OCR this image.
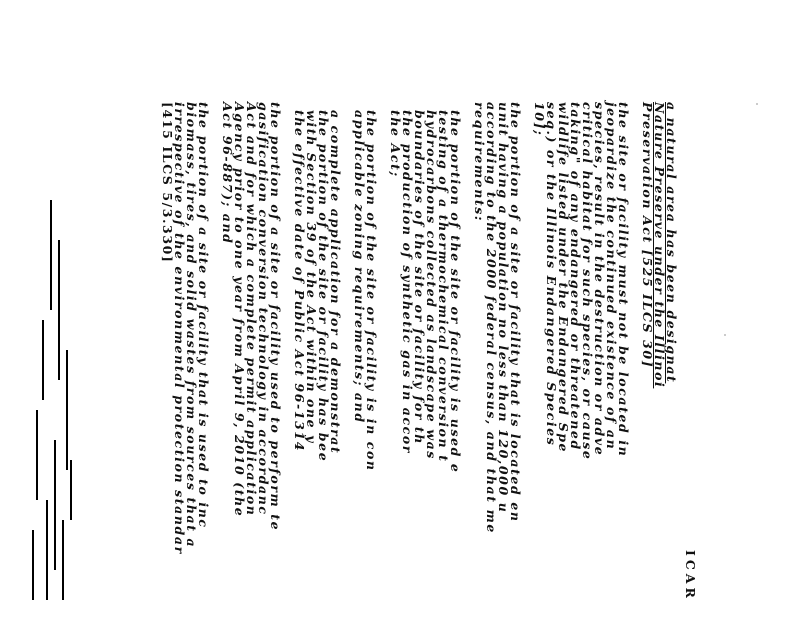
ICAR
a natural area has been designat
Nature Preserve under the Illinoi
Preservation Act [525 ILCS 30]
the site or facility must not be located in
jeopardize the continued existence of an
species, result in the destruction or adve
critical habitat for such species, or cause
taking" of any endangered or threatened
wildlife listed under the Endangered Spe
seq.) or the Illinois Endangered Species
10];
the portion of a site or facility that is located en
unit having a population no less than 120,000 u
according to the 2000 federal census, and that me
requirements:
the portion of the site or facility is used e
testing of a thermochemical conversion t
hydrocarbons collected as landscape was
boundaries of the site or facility for th
the production of synthetic gas in accor
the Act;
the portion of the site or facility is in con
applicable zoning requirements; and
a complete application for a demonstrat
the portion of the site or facility has bee
with Section 39 of the Act within one y
the effective date of Public Act 96-1314
the portion of a site or facility used to perform te
gasification conversion technology in accordanc
Act and for which a complete permit application
Agency prior to one year from April 9, 2010 (the
Act 96-887); and
the portion of a site or facility that is used to inc
biomass, tires, and solid wastes from sources that a
irrespective of the environmental protection standar
[415 ILCS 5/3.330]
